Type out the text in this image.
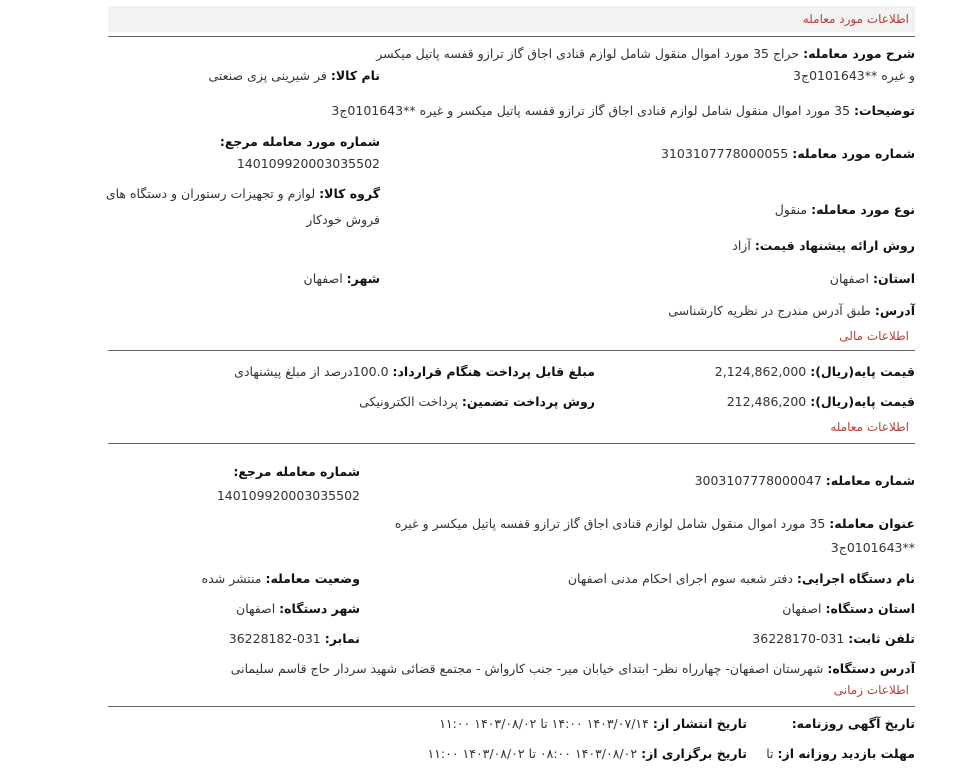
اطلاعات مورد معامله
شرح مورد معامله: حراج 35 مورد اموال منقول شامل لوازم قنادی اجاق گاز ترازو قفسه پاتیل میکسر
و غیره **0101643ج3
نام کالا: فر شیرینی پزی صنعتی
توضیحات: 35 مورد اموال منقول شامل لوازم قنادی اجاق گاز ترازو قفسه پاتیل میکسر و غیره **0101643ج3
شماره مورد معامله مرجع:
140109920003035502
شماره مورد معامله: 3103107778000055
گروه کالا: لوازم و تجهیزات رستوران و دستگاه های
فروش خودکار
نوع مورد معامله: منقول
روش ارائه پیشنهاد قیمت: آزاد
استان: اصفهان
شهر: اصفهان
آدرس: طبق آدرس مندرج در نظریه کارشناسی
اطلاعات مالی
قیمت پایه(ریال): 2,124,862,000
مبلغ قابل پرداخت هنگام قرارداد: 100.0درصد از مبلغ پیشنهادی
قیمت پایه(ریال): 212,486,200
روش پرداخت تضمین: پرداخت الکترونیکی
اطلاعات معامله
شماره معامله مرجع:
140109920003035502
شماره معامله: 3003107778000047
عنوان معامله: 35 مورد اموال منقول شامل لوازم قنادی اجاق گاز ترازو قفسه پاتیل میکسر و غیره
**0101643ج3
نام دستگاه اجرایی: دفتر شعبه سوم اجرای احکام مدنی اصفهان
وضعیت معامله: منتشر شده
استان دستگاه: اصفهان
شهر دستگاه: اصفهان
تلفن ثابت: 031-36228170
نمابر: 031-36228182
آدرس دستگاه: شهرستان اصفهان- چهارراه نظر- ابتدای خیابان میر- جنب کارواش - مجتمع قضائی شهید سردار حاج قاسم سلیمانی
اطلاعات زمانی
تاریخ آگهی روزنامه:
تاریخ انتشار از: ۱۴۰۳/۰۷/۱۴ ۱۴:۰۰ تا ۱۴۰۳/۰۸/۰۲ ۱۱:۰۰
مهلت بازدید روزانه از: تا
تاریخ برگزاری از: ۱۴۰۳/۰۸/۰۲ ۰۸:۰۰ تا ۱۴۰۳/۰۸/۰۲ ۱۱:۰۰
